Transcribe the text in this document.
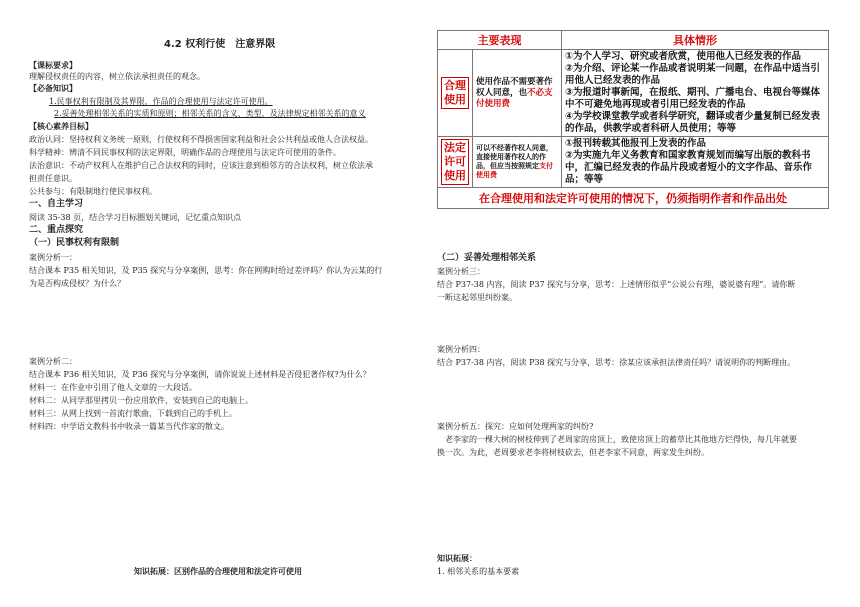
4.2 权利行使　注意界限
【课标要求】
理解侵权责任的内容，树立依法承担责任的观念。
【必备知识】
1.民事权利有限制及其界限，作品的合理使用与法定许可使用。
2.妥善处理相邻关系的实质和原则；相邻关系的含义、类型，及法律规定相邻关系的意义
【核心素养目标】
政治认同：坚持权利义务统一原则，行使权利不得损害国家利益和社会公共利益或他人合法权益。
科学精神：辨清不同民事权利的法定界限，明确作品的合理使用与法定许可使用的条件。
法治意识：不动产权利人在维护自己合法权利的同时，应该注意到相邻方的合法权利，树立依法承
担责任意识。
公共参与：有限制地行使民事权利。
一、自主学习
阅读 35-38 页，结合学习目标圈划关键词，记忆重点知识点
二、重点探究
（一）民事权利有限制
案例分析一：
结合课本 P35 相关知识，及 P35 探究与分享案例，思考：你在网购时给过差评吗？你认为云某的行
为是否构成侵权？为什么？
案例分析二：
结合课本 P36 相关知识，及 P36 探究与分享案例，请你说说上述材料是否侵犯著作权?为什么？
材料一：在作业中引用了他人文章的一大段话。
材料二：从同学那里拷贝一份应用软件，安装到自己的电脑上。
材料三：从网上找到一首流行歌曲，下载到自己的手机上。
材料四：中学语文教科书中收录一篇某当代作家的散文。
知识拓展：区别作品的合理使用和法定许可使用
主要表现		具体情形

合理使用	使用作品不需要著作权人同意，也不必支付使用费	①为个人学习、研究或者欣赏，使用他人已经发表的作品
②为介绍、评论某一作品或者说明某一问题，在作品中适当引用他人已经发表的作品
③为报道时事新闻，在报纸、期刊、广播电台、电视台等媒体中不可避免地再现或者引用已经发表的作品
④为学校课堂教学或者科学研究，翻译或者少量复制已经发表的作品，供教学或者科研人员使用；等等

法定许可使用	可以不经著作权人同意，直接使用著作权人的作品，但应当按照规定支付使用费	①报刊转载其他报刊上发表的作品
②为实施九年义务教育和国家教育规划而编写出版的教科书中，汇编已经发表的作品片段或者短小的文字作品、音乐作品；等等

在合理使用和法定许可使用的情况下，仍须指明作者和作品出处		
（二）妥善处理相邻关系
案例分析三：
结合 P37-38 内容，阅读 P37 探究与分享，思考：上述情形似乎“公说公有理，婆说婆有理”。请你断
一断这起邻里纠纷案。
案例分析四：
结合 P37-38 内容，阅读 P38 探究与分享，思考：徐某应该承担法律责任吗？请说明你的判断理由。
案例分析五：探究：应如何处理两家的纠纷?
老李家的一棵大树的树枝伸到了老周家的房顶上，致使房顶上的蓄草比其他地方烂得快，每几年就要
换一次。为此，老周要求老李将树枝砍去，但老李家不同意，两家发生纠纷。
知识拓展：
1. 相邻关系的基本要素
